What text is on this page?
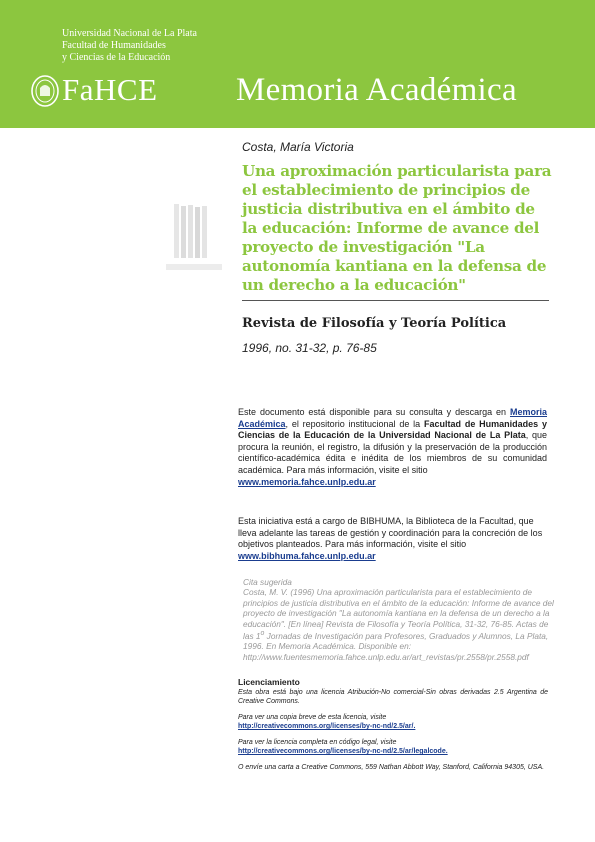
Universidad Nacional de La Plata
Facultad de Humanidades
y Ciencias de la Educación
FaHCE Memoria Académica
Costa, María Victoria
Una aproximación particularista para el establecimiento de principios de justicia distributiva en el ámbito de la educación: Informe de avance del proyecto de investigación "La autonomía kantiana en la defensa de un derecho a la educación"
Revista de Filosofía y Teoría Política
1996, no. 31-32, p. 76-85
Este documento está disponible para su consulta y descarga en Memoria Académica, el repositorio institucional de la Facultad de Humanidades y Ciencias de la Educación de la Universidad Nacional de La Plata, que procura la reunión, el registro, la difusión y la preservación de la producción científico-académica édita e inédita de los miembros de su comunidad académica. Para más información, visite el sitio
www.memoria.fahce.unlp.edu.ar
Esta iniciativa está a cargo de BIBHUMA, la Biblioteca de la Facultad, que lleva adelante las tareas de gestión y coordinación para la concreción de los objetivos planteados. Para más información, visite el sitio
www.bibhuma.fahce.unlp.edu.ar
Cita sugerida
Costa, M. V. (1996) Una aproximación particularista para el establecimiento de principios de justicia distributiva en el ámbito de la educación: Informe de avance del proyecto de investigación "La autonomía kantiana en la defensa de un derecho a la educación". [En línea] Revista de Filosofía y Teoría Política, 31-32, 76-85. Actas de las 1$^o$ Jornadas de Investigación para Profesores, Graduados y Alumnos, La Plata, 1996. En Memoria Académica. Disponible en: http://www.fuentesmemoria.fahce.unlp.edu.ar/art_revistas/pr.2558/pr.2558.pdf
Licenciamiento

Esta obra está bajo una licencia Atribución-No comercial-Sin obras derivadas 2.5 Argentina de Creative Commons.

Para ver una copia breve de esta licencia, visite
http://creativecommons.org/licenses/by-nc-nd/2.5/ar/.

Para ver la licencia completa en código legal, visite
http://creativecommons.org/licenses/by-nc-nd/2.5/ar/legalcode.

O envíe una carta a Creative Commons, 559 Nathan Abbott Way, Stanford, California 94305, USA.
